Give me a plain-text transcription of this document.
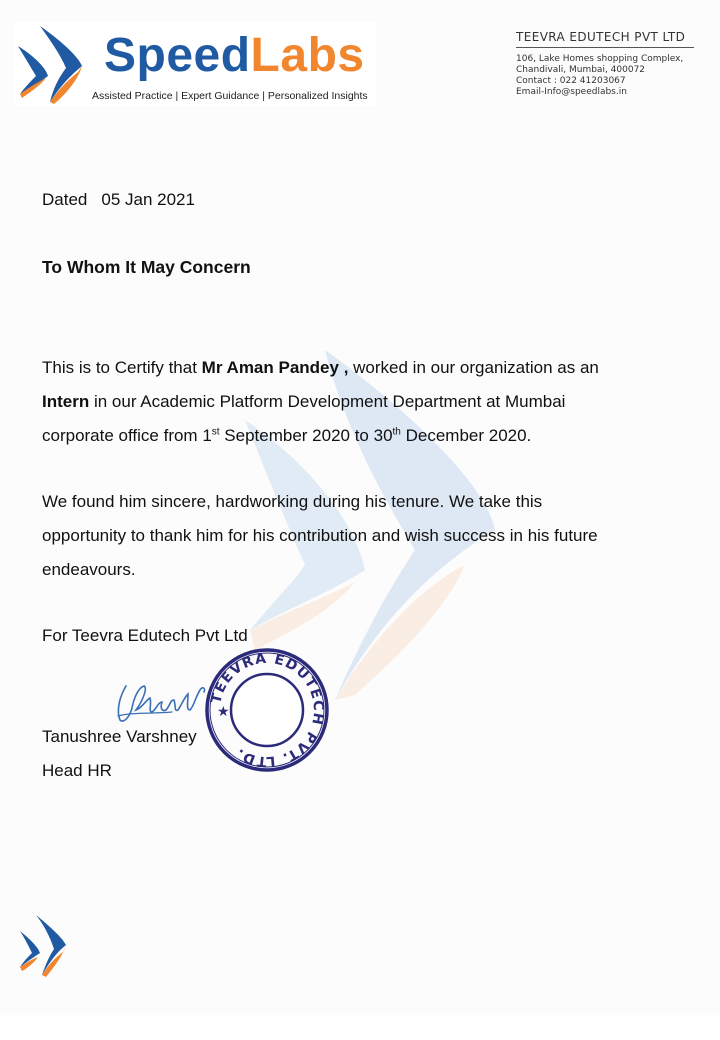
SpeedLabs
Assisted Practice | Expert Guidance | Personalized Insights
TEEVRA EDUTECH PVT LTD
106, Lake Homes shopping Complex,
Chandivali, Mumbai, 400072
Contact : 022 41203067
Email-Info@speedlabs.in
Dated 05 Jan 2021
To Whom It May Concern
This is to Certify that Mr Aman Pandey , worked in our organization as an
Intern in our Academic Platform Development Department at Mumbai
corporate office from 1st September 2020 to 30th December 2020.
We found him sincere, hardworking during his tenure. We take this
opportunity to thank him for his contribution and wish success in his future
endeavours.
For Teevra Edutech Pvt Ltd
TEEVRA EDUTECH PVT. LTD.
★
Tanushree Varshney
Head HR
